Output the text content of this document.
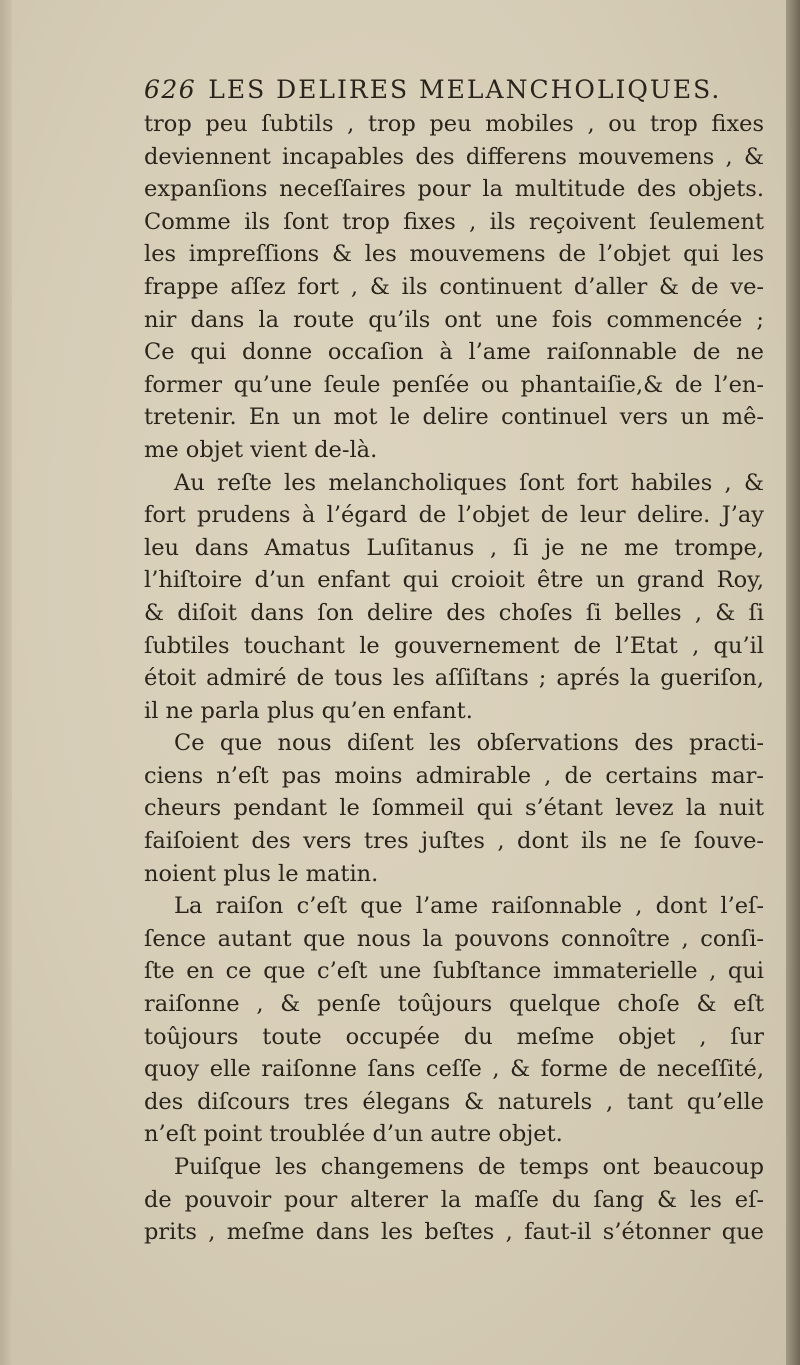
626 LES DELIRES MELANCHOLIQUES.
trop peu ſubtils , trop peu mobiles , ou trop fixes
deviennent incapables des differens mouvemens , &
expanſions neceſſaires pour la multitude des objets.
Comme ils ſont trop fixes , ils reçoivent ſeulement
les impreſſions & les mouvemens de l’objet qui les
frappe aſſez fort , & ils continuent d’aller & de ve-
nir dans la route qu’ils ont une fois commencée ;
Ce qui donne occaſion à l’ame raiſonnable de ne
former qu’une ſeule penſée ou phantaiſie,& de l’en-
tretenir. En un mot le delire continuel vers un mê-
me objet vient de-là.
Au reſte les melancholiques ſont fort habiles , &
fort prudens à l’égard de l’objet de leur delire. J’ay
leu dans Amatus Luſitanus , ſi je ne me trompe,
l’hiſtoire d’un enfant qui croioit être un grand Roy,
& diſoit dans ſon delire des choſes ſi belles , & ſi
ſubtiles touchant le gouvernement de l’Etat , qu’il
étoit admiré de tous les aſſiſtans ; aprés la gueriſon,
il ne parla plus qu’en enfant.
Ce que nous diſent les obſervations des practi-
ciens n’eſt pas moins admirable , de certains mar-
cheurs pendant le ſommeil qui s’étant levez la nuit
faiſoient des vers tres juſtes , dont ils ne ſe ſouve-
noient plus le matin.
La raiſon c’eſt que l’ame raiſonnable , dont l’eſ-
ſence autant que nous la pouvons connoître , conſi-
ſte en ce que c’eſt une ſubſtance immaterielle , qui
raiſonne , & penſe toûjours quelque choſe & eſt
toûjours toute occupée du meſme objet , ſur
quoy elle raiſonne ſans ceſſe , & forme de neceſſité,
des diſcours tres élegans & naturels , tant qu’elle
n’eſt point troublée d’un autre objet.
Puiſque les changemens de temps ont beaucoup
de pouvoir pour alterer la maſſe du ſang & les eſ-
prits , meſme dans les beſtes , faut-il s’étonner que
